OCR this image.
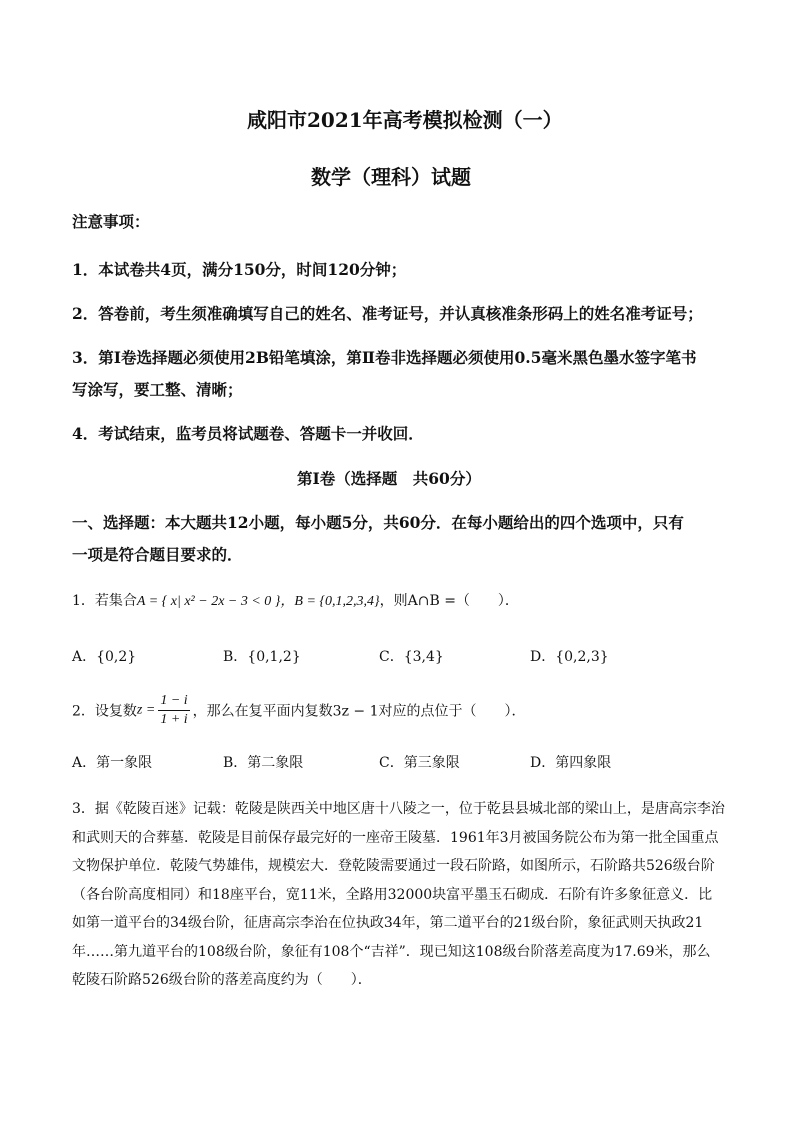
咸阳市2021年高考模拟检测（一）
数学（理科）试题
注意事项：
1．本试卷共4页，满分150分，时间120分钟；
2．答卷前，考生须准确填写自己的姓名、准考证号，并认真核准条形码上的姓名准考证号；
3．第Ⅰ卷选择题必须使用2B铅笔填涂，第Ⅱ卷非选择题必须使用0.5毫米黑色墨水签字笔书
写涂写，要工整、清晰；
4．考试结束，监考员将试题卷、答题卡一并收回．
第Ⅰ卷（选择题　共60分）
一、选择题：本大题共12小题，每小题5分，共60分．在每小题给出的四个选项中，只有
一项是符合题目要求的．
1．若集合A = { x| x² − 2x − 3 < 0 }，B = {0,1,2,3,4}，则A∩B =（　　）．
A．{0,2}	B．{0,1,2}	C．{3,4}	D．{0,2,3}
2．设复数$z = \frac{1 - i}{1 + i}$ ，那么在复平面内复数3z − 1对应的点位于（　　）．
A．第一象限	B．第二象限	C．第三象限	D．第四象限
3．据《乾陵百迷》记载：乾陵是陕西关中地区唐十八陵之一，位于乾县县城北部的梁山上，是唐高宗李治
和武则天的合葬墓．乾陵是目前保存最完好的一座帝王陵墓．1961年3月被国务院公布为第一批全国重点
文物保护单位．乾陵气势雄伟，规模宏大．登乾陵需要通过一段石阶路，如图所示，石阶路共526级台阶
（各台阶高度相同）和18座平台，宽11米，全路用32000块富平墨玉石砌成．石阶有许多象征意义．比
如第一道平台的34级台阶，征唐高宗李治在位执政34年，第二道平台的21级台阶，象征武则天执政21
年……第九道平台的108级台阶，象征有108个“吉祥”．现已知这108级台阶落差高度为17.69米，那么
乾陵石阶路526级台阶的落差高度约为（　　）．
